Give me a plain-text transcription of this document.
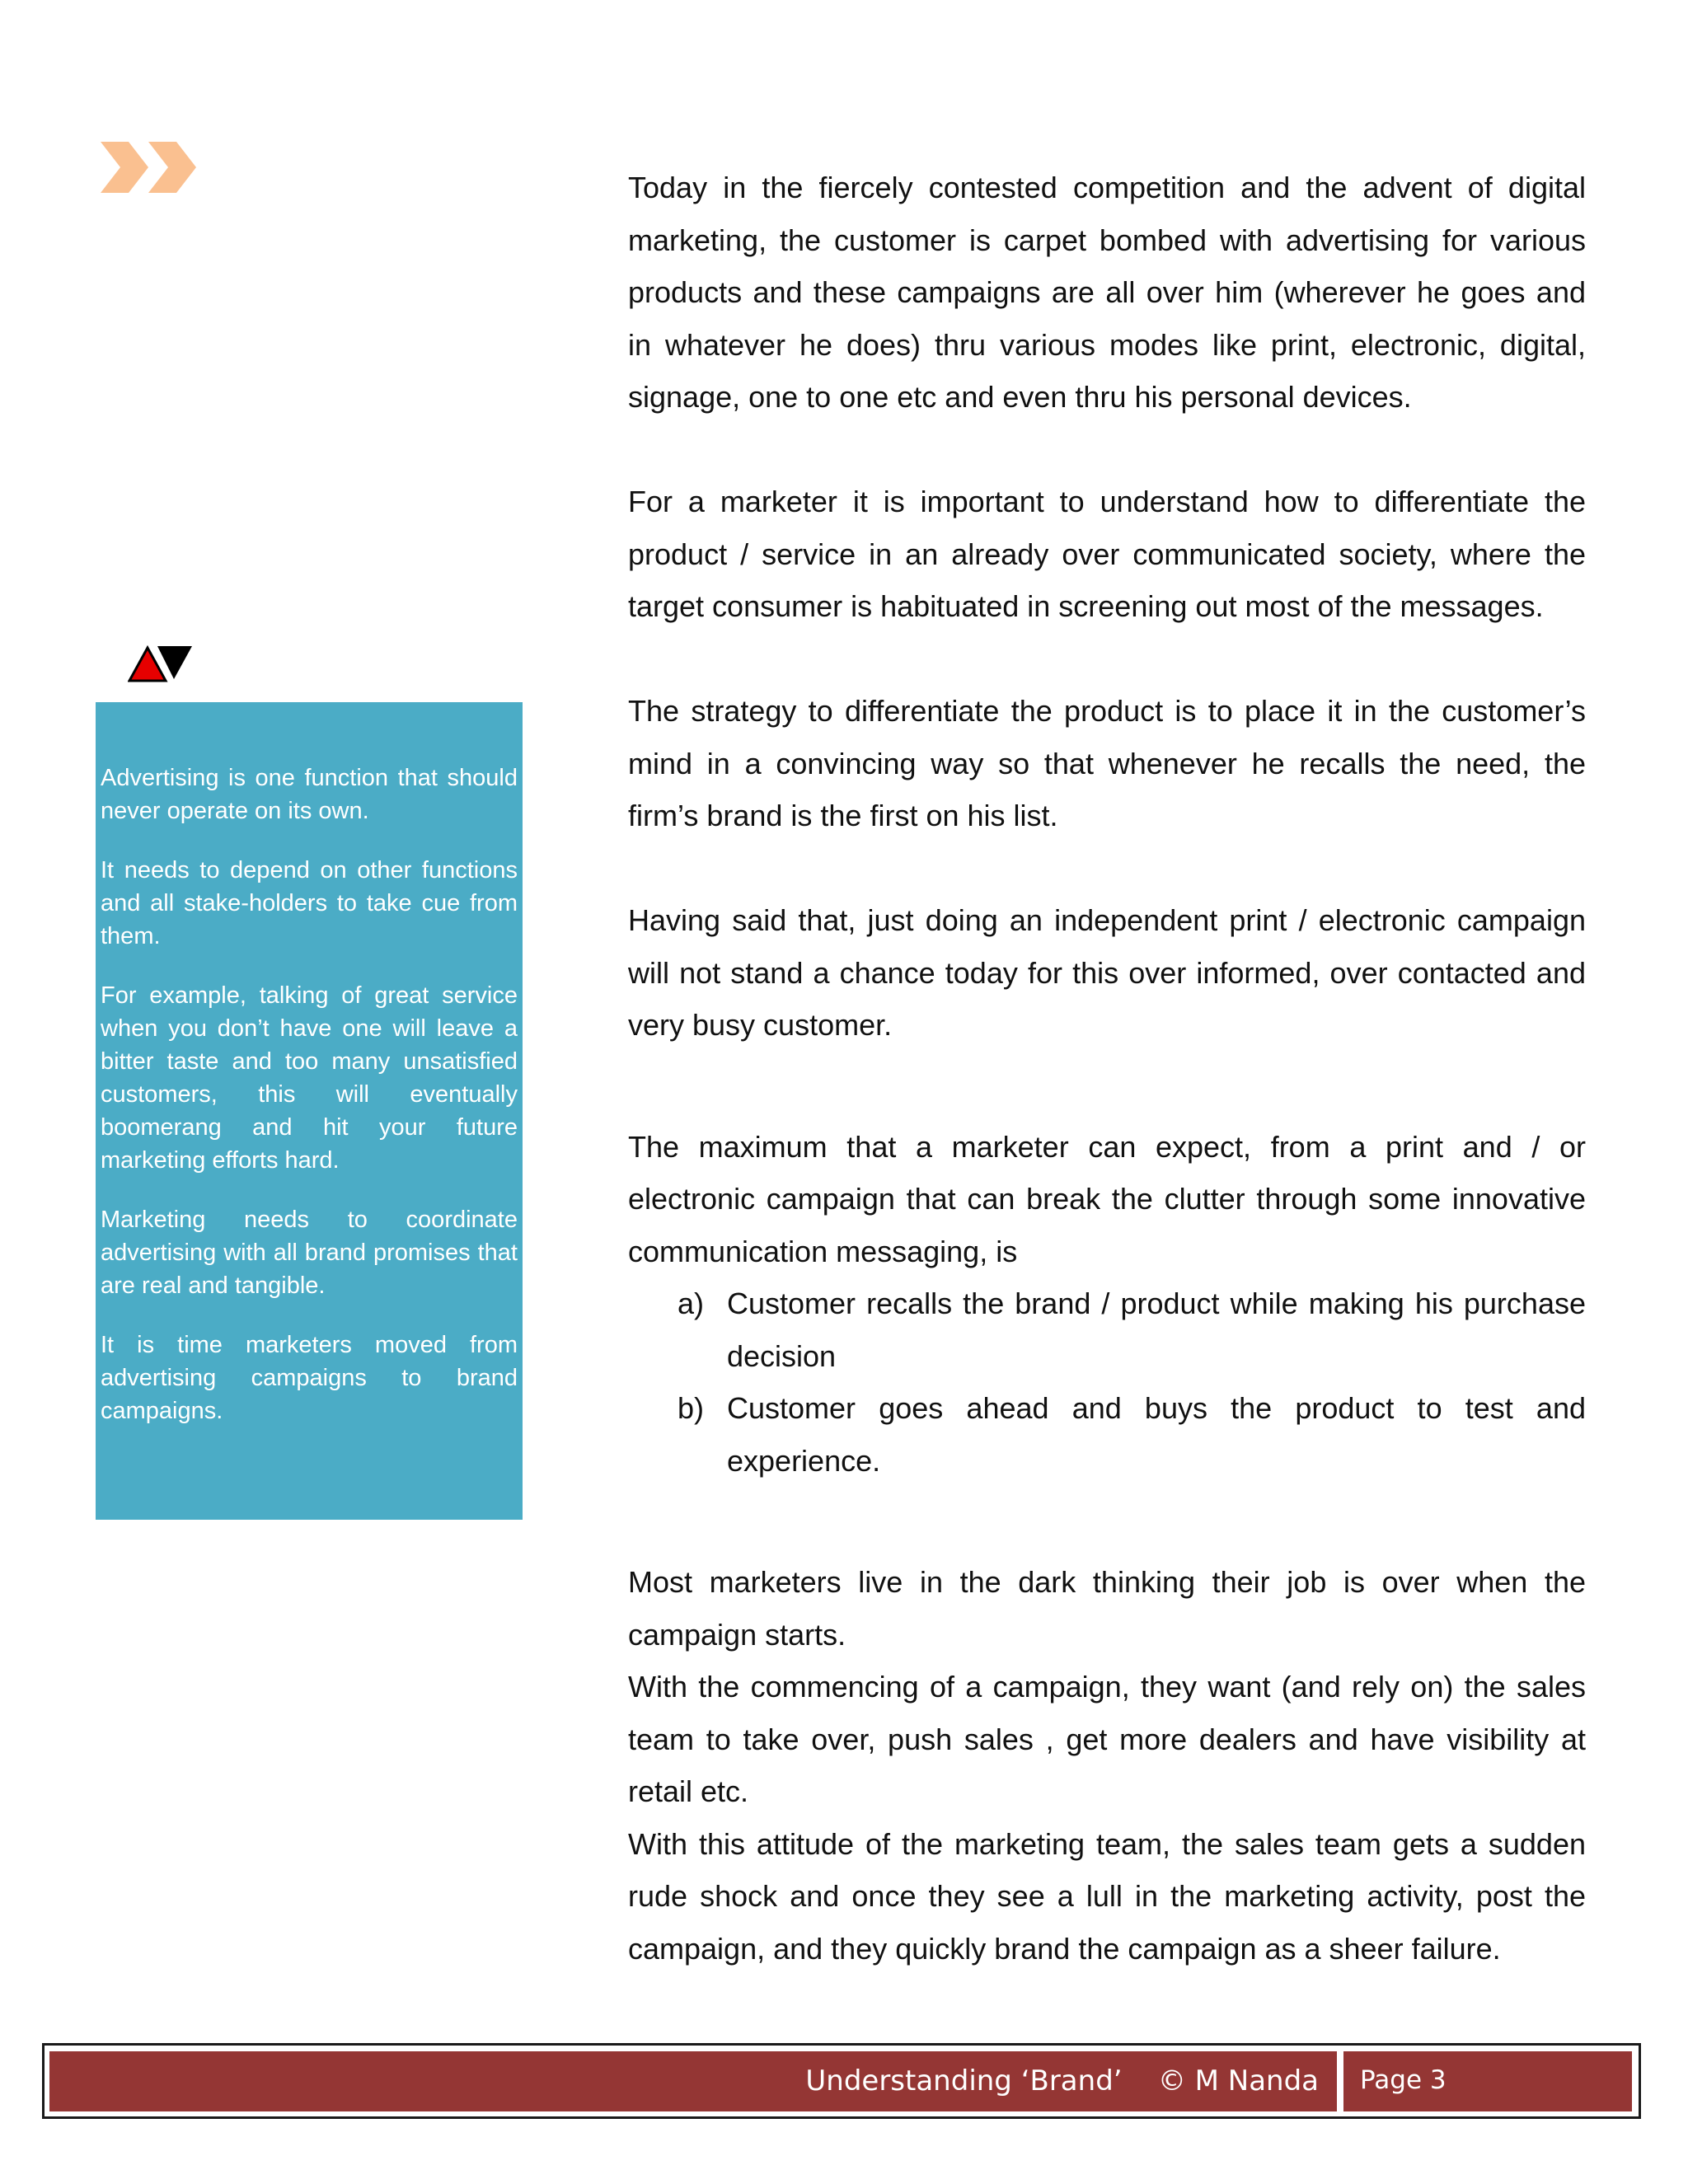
Advertising is one function that should never operate on its own.

It needs to depend on other functions and all stake-holders to take cue from them.

For example, talking of great service when you don’t have one will leave a bitter taste and too many unsatisfied customers, this will eventually boomerang and hit your future marketing efforts hard.

Marketing needs to coordinate advertising with all brand promises that are real and tangible.

It is time marketers moved from advertising campaigns to brand campaigns.

Today in the fiercely contested competition and the advent of digital marketing, the customer is carpet bombed with advertising for various products and these campaigns are all over him (wherever he goes and in whatever he does) thru various modes like print, electronic, digital, signage, one to one etc and even thru his personal devices.

For a marketer it is important to understand how to differentiate the product / service in an already over communicated society, where the target consumer is habituated in screening out most of the messages.

The strategy to differentiate the product is to place it in the customer’s mind in a convincing way so that whenever he recalls the need, the firm’s brand is the first on his list.

Having said that, just doing an independent print / electronic campaign will not stand a chance today for this over informed, over contacted and very busy customer.

The maximum that a marketer can expect, from a print and / or electronic campaign that can break the clutter through some innovative communication messaging, is

a) Customer recalls the brand / product while making his purchase decision
b) Customer goes ahead and buys the product to test and experience.

Most marketers live in the dark thinking their job is over when the campaign starts.

With the commencing of a campaign, they want (and rely on) the sales team to take over, push sales , get more dealers and have visibility at retail etc.

With this attitude of the marketing team, the sales team gets a sudden rude shock and once they see a lull in the marketing activity, post the campaign, and they quickly brand the campaign as a sheer failure.

Understanding ‘Brand’    © M Nanda	Page 3
